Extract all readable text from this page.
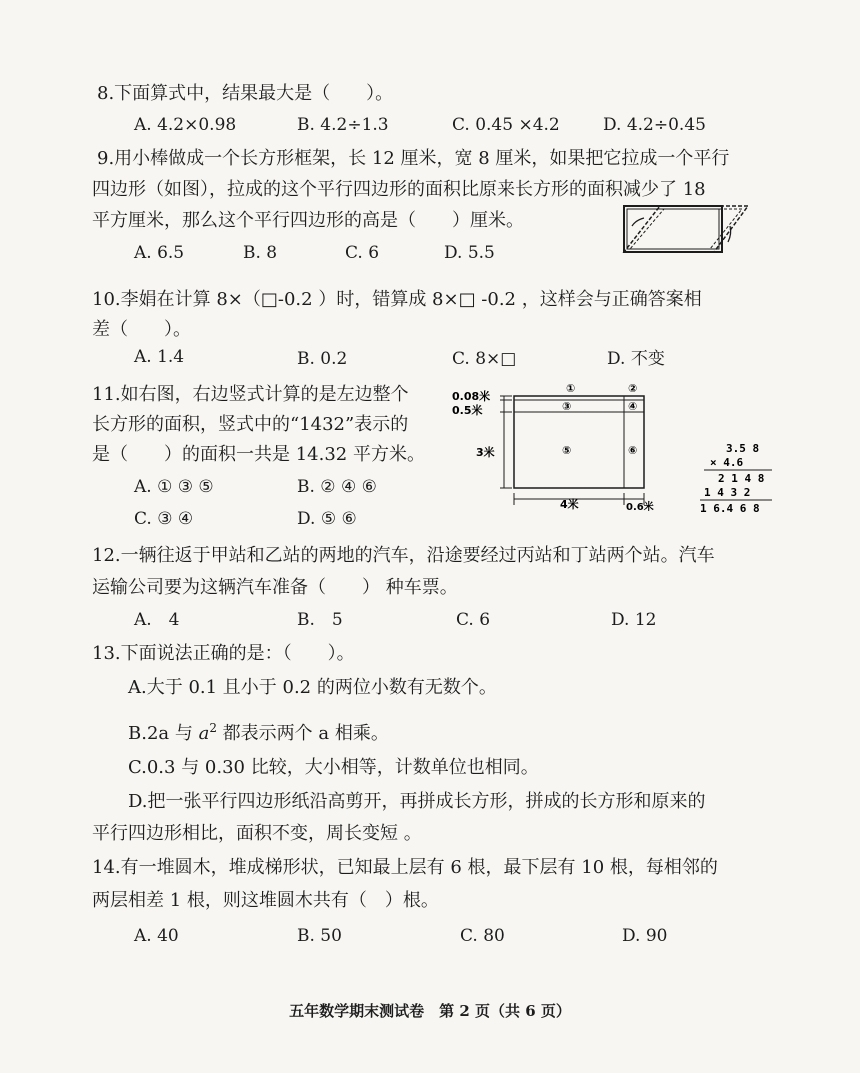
8.下面算式中，结果最大是（　　）。
A. 4.2×0.98	B. 4.2÷1.3	C. 0.45 ×4.2	D. 4.2÷0.45
9.用小棒做成一个长方形框架，长 12 厘米，宽 8 厘米，如果把它拉成一个平行
四边形（如图），拉成的这个平行四边形的面积比原来长方形的面积减少了 18
平方厘米，那么这个平行四边形的高是（　　）厘米。
A. 6.5	B. 8	C. 6	D. 5.5
10.李娟在计算 8×（□-0.2 ）时，错算成 8×□ -0.2 ，这样会与正确答案相
差（　　）。
A. 1.4	B. 0.2	C. 8×□	D. 不变
11.如右图，右边竖式计算的是左边整个
长方形的面积，竖式中的“1432”表示的
是（　　）的面积一共是 14.32 平方米。
A. ① ③ ⑤	B. ② ④ ⑥
C. ③ ④	D. ⑤ ⑥
0.08米
0.5米
3米
4米	0.6米
①	②
③	④
⑤	⑥	3.5 8
× 4.6
2 1 4 8
1 4 3 2
1 6.4 6 8
12.一辆往返于甲站和乙站的两地的汽车，沿途要经过丙站和丁站两个站。汽车
运输公司要为这辆汽车准备（　　） 种车票。
A.　4	B.　5	C. 6	D. 12
13.下面说法正确的是：（　　）。
A.大于 0.1 且小于 0.2 的两位小数有无数个。
B.2a 与 $a^2$ 都表示两个 a 相乘。
C.0.3 与 0.30 比较，大小相等，计数单位也相同。
D.把一张平行四边形纸沿高剪开，再拼成长方形，拼成的长方形和原来的
平行四边形相比，面积不变，周长变短 。
14.有一堆圆木，堆成梯形状，已知最上层有 6 根，最下层有 10 根，每相邻的
两层相差 1 根，则这堆圆木共有（　）根。
A. 40	B. 50	C. 80	D. 90
五年数学期末测试卷　第 2 页（共 6 页）
